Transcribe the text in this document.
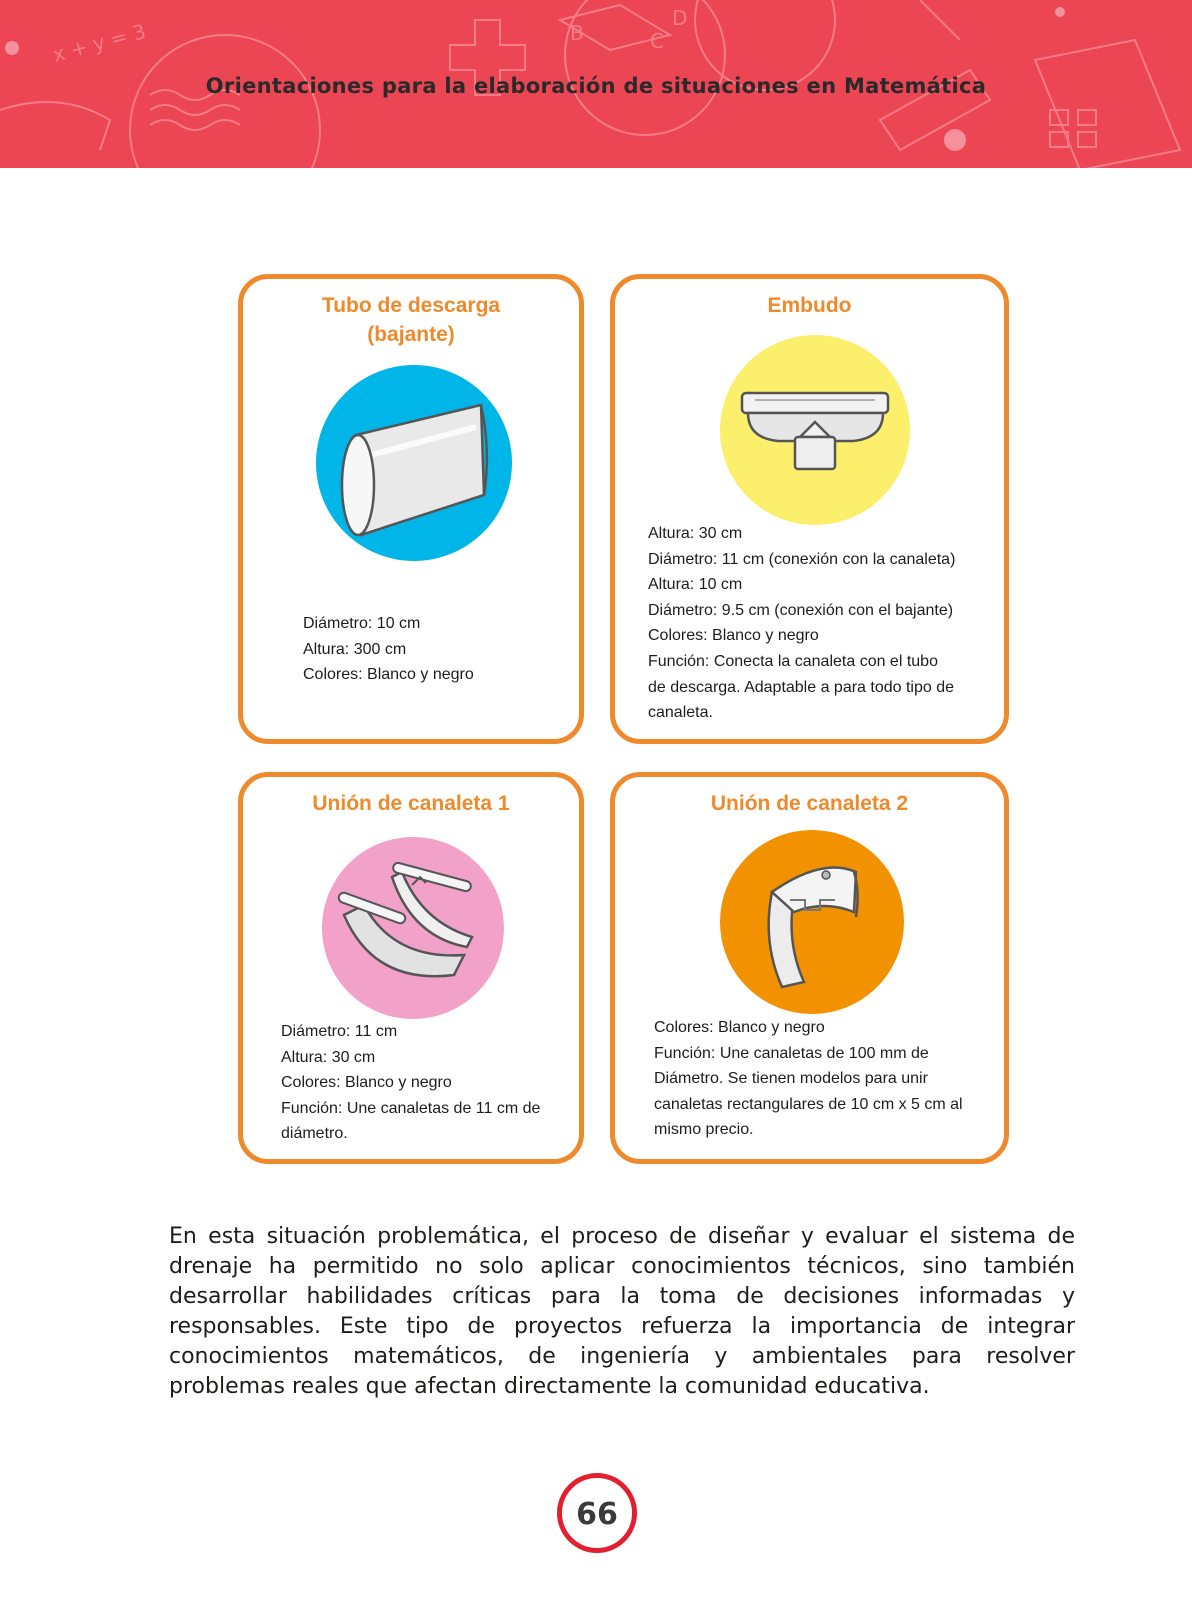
x + y = 3	B	C
D
Orientaciones para la elaboración de situaciones en Matemática
Tubo de descarga
(bajante)
Diámetro: 10 cm
Altura: 300 cm
Colores: Blanco y negro
Embudo
Altura: 30 cm
Diámetro: 11 cm (conexión con la canaleta)
Altura: 10 cm
Diámetro: 9.5 cm (conexión con el bajante)
Colores: Blanco y negro
Función: Conecta la canaleta con el tubo
de descarga. Adaptable a para todo tipo de
canaleta.
Unión de canaleta 1
Diámetro: 11 cm
Altura: 30 cm
Colores: Blanco y negro
Función: Une canaletas de 11 cm de
diámetro.
Unión de canaleta 2
Colores: Blanco y negro
Función: Une canaletas de 100 mm de
Diámetro. Se tienen modelos para unir
canaletas rectangulares de 10 cm x 5 cm al
mismo precio.

En esta situación problemática, el proceso de diseñar y evaluar el sistema de drenaje ha permitido no solo aplicar conocimientos técnicos, sino también desarrollar habilidades críticas para la toma de decisiones informadas y responsables. Este tipo de proyectos refuerza la importancia de integrar conocimientos matemáticos, de ingeniería y ambientales para resolver problemas reales que afectan directamente la comunidad educativa.

66
